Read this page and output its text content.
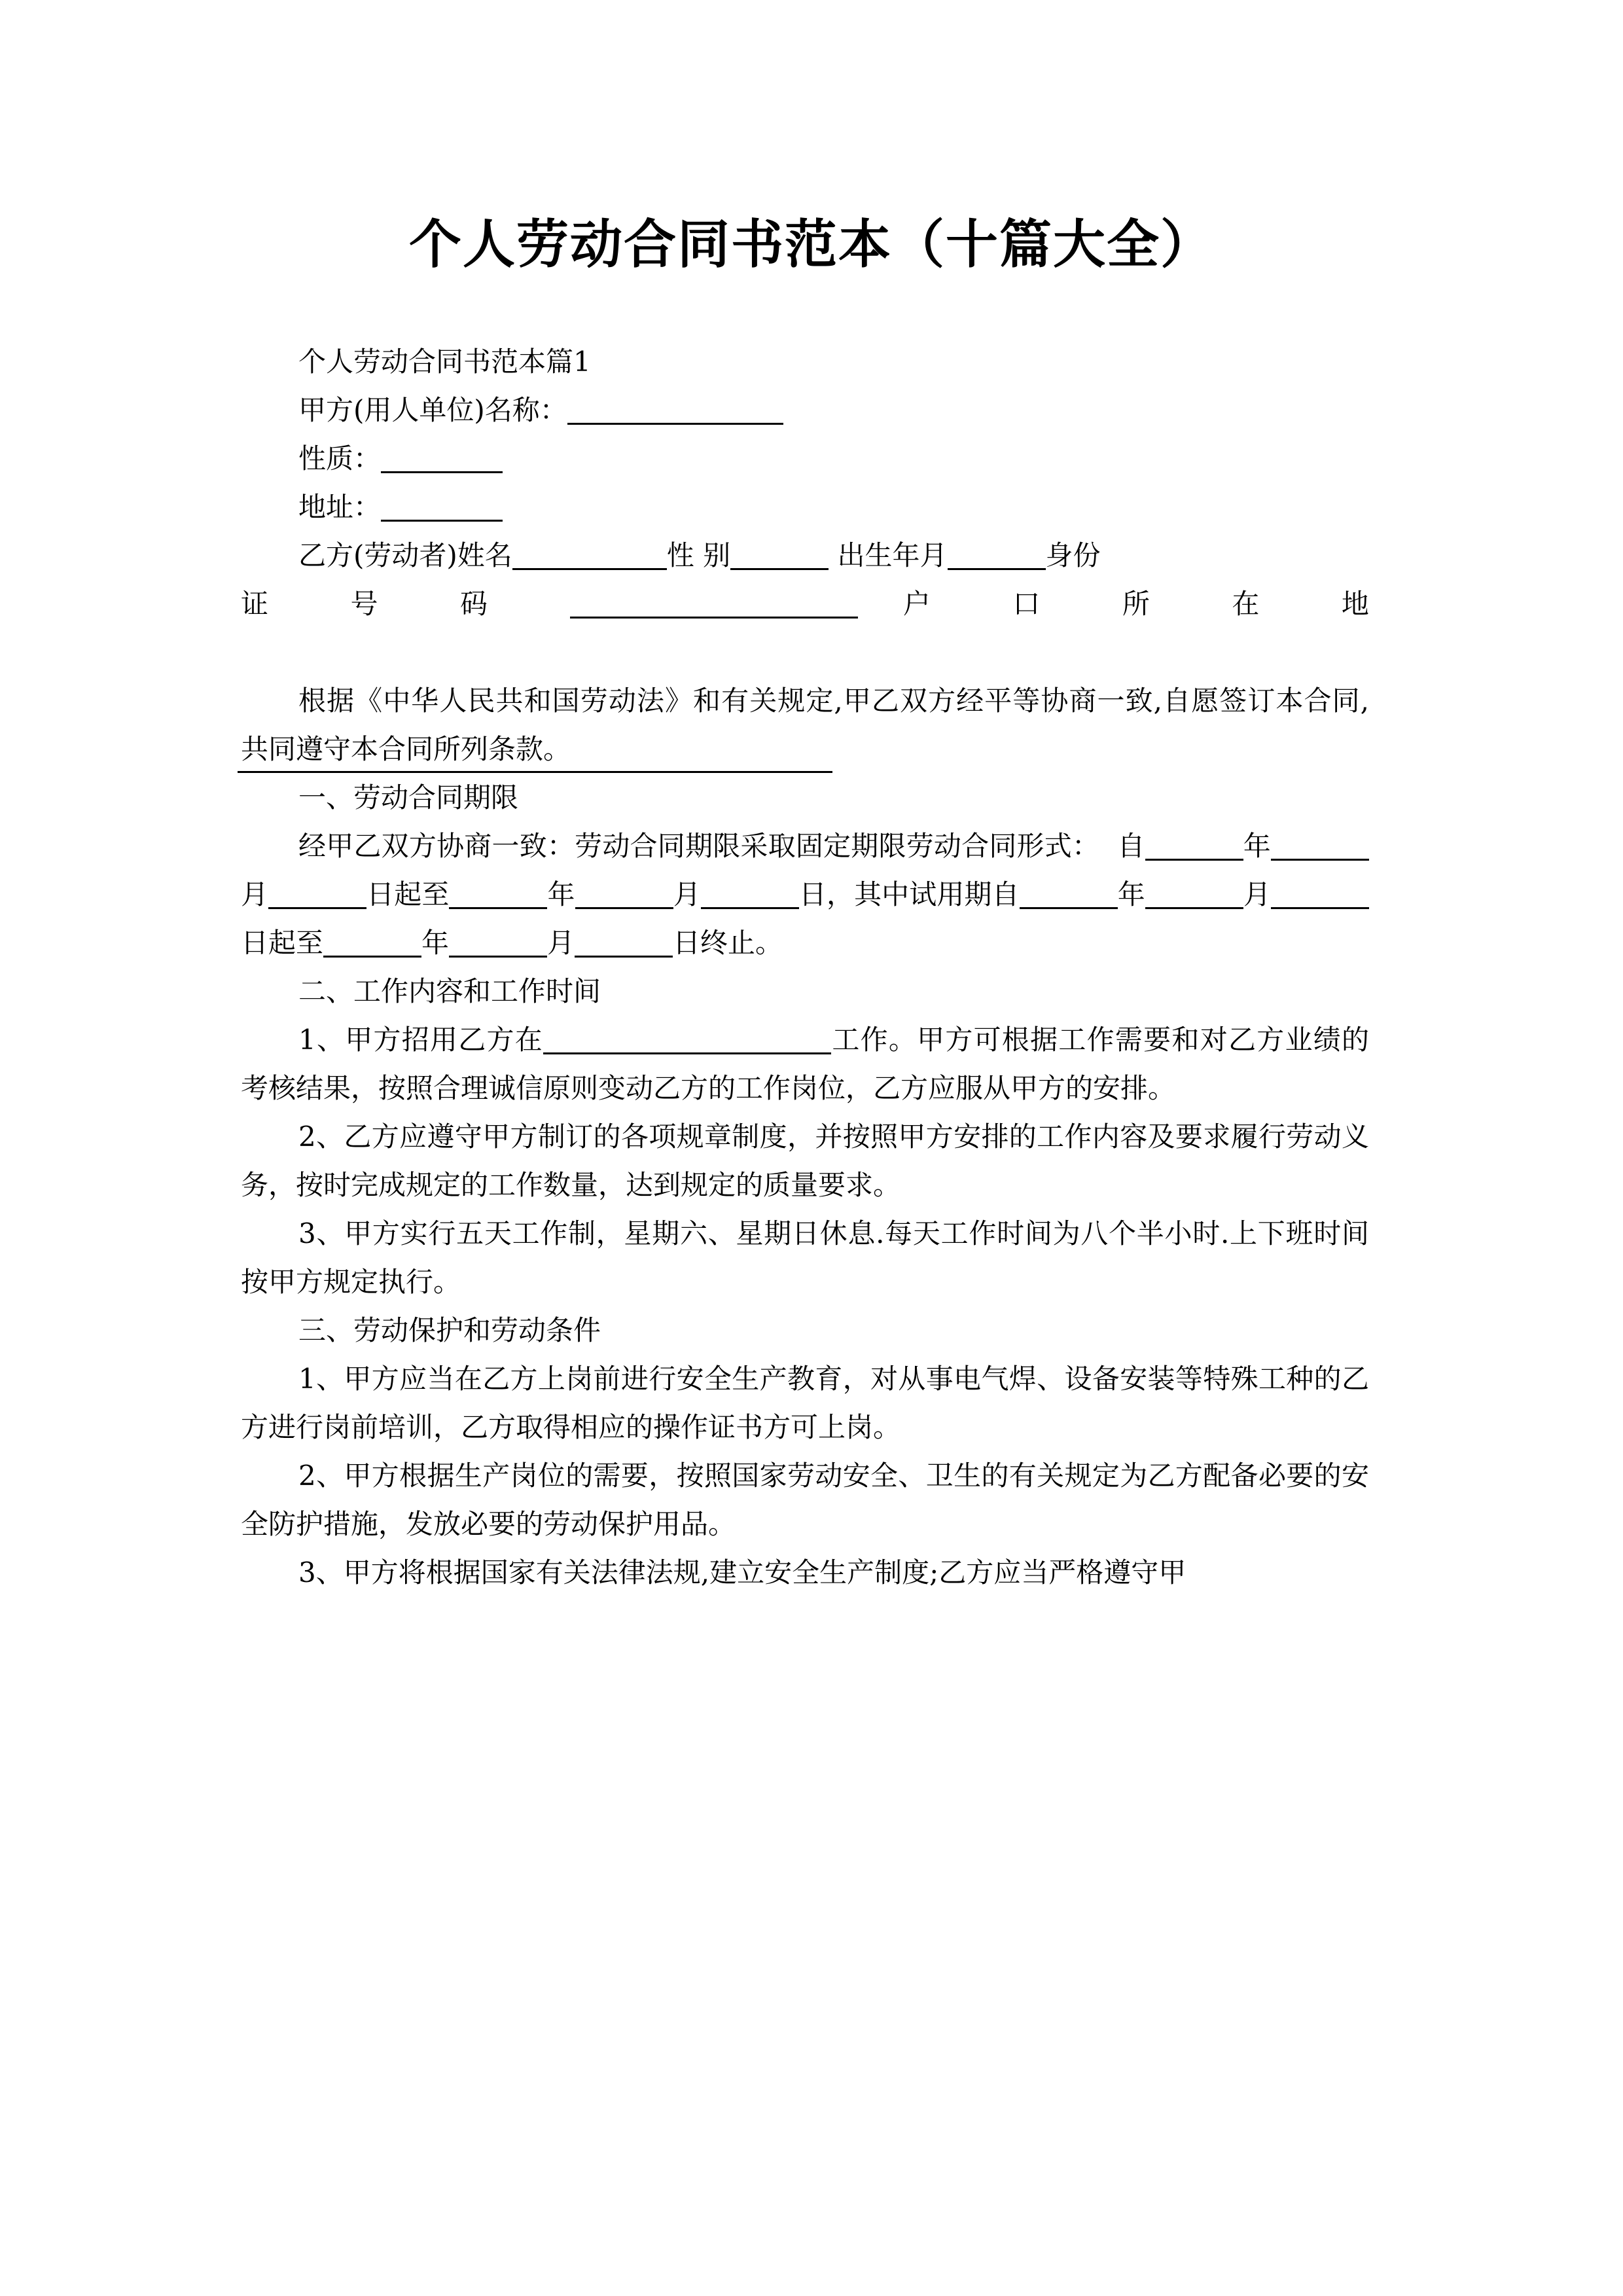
个人劳动合同书范本（十篇大全）

个人劳动合同书范本篇1

甲方(用人单位)名称：

性质：

地址：

乙方(劳动者)姓名	性 别	出生年月	身份

证 号 码	户 口 所 在 地

根据《中华人民共和国劳动法》和有关规定,甲乙双方经平等协商一致,自愿签订本合同,共同遵守本合同所列条款。

一、劳动合同期限

经甲乙双方协商一致：劳动合同期限采取固定期限劳动合同形式： 自	年月	日起至	年	月	日，其中试用期自	年	月日起至	年	月	日终止。

二、工作内容和工作时间

1、甲方招用乙方在	工作。甲方可根据工作需要和对乙方业绩的考核结果，按照合理诚信原则变动乙方的工作岗位，乙方应服从甲方的安排。

2、乙方应遵守甲方制订的各项规章制度，并按照甲方安排的工作内容及要求履行劳动义务，按时完成规定的工作数量，达到规定的质量要求。

3、甲方实行五天工作制，星期六、星期日休息.每天工作时间为八个半小时.上下班时间按甲方规定执行。

三、劳动保护和劳动条件

1、甲方应当在乙方上岗前进行安全生产教育，对从事电气焊、设备安装等特殊工种的乙方进行岗前培训，乙方取得相应的操作证书方可上岗。

2、甲方根据生产岗位的需要，按照国家劳动安全、卫生的有关规定为乙方配备必要的安全防护措施，发放必要的劳动保护用品。

3、甲方将根据国家有关法律法规,建立安全生产制度;乙方应当严格遵守甲
